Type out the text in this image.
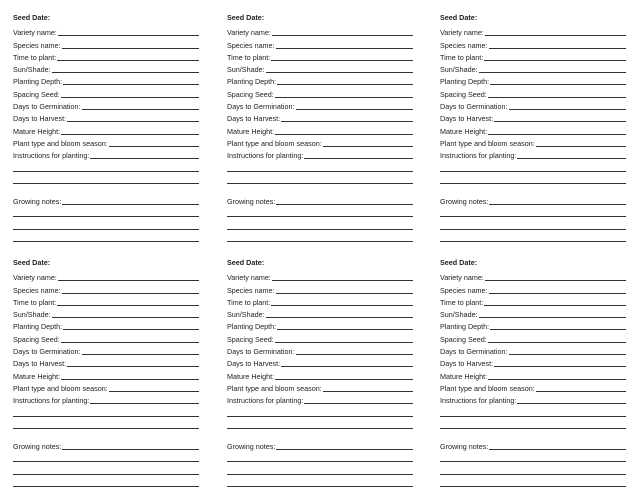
Seed Date:
Variety name:
Species name:
Time to plant:
Sun/Shade:
Planting Depth:
Spacing Seed:
Days to Germination:
Days to Harvest:
Mature Height:
Plant type and bloom season:
Instructions for planting:
Growing notes:
Seed Date:
Variety name:
Species name:
Time to plant:
Sun/Shade:
Planting Depth:
Spacing Seed:
Days to Germination:
Days to Harvest:
Mature Height:
Plant type and bloom season:
Instructions for planting:
Growing notes:
Seed Date:
Variety name:
Species name:
Time to plant:
Sun/Shade:
Planting Depth:
Spacing Seed:
Days to Germination:
Days to Harvest:
Mature Height:
Plant type and bloom season:
Instructions for planting:
Growing notes:
Seed Date:
Variety name:
Species name:
Time to plant:
Sun/Shade:
Planting Depth:
Spacing Seed:
Days to Germination:
Days to Harvest:
Mature Height:
Plant type and bloom season:
Instructions for planting:
Growing notes:
Seed Date:
Variety name:
Species name:
Time to plant:
Sun/Shade:
Planting Depth:
Spacing Seed:
Days to Germination:
Days to Harvest:
Mature Height:
Plant type and bloom season:
Instructions for planting:
Growing notes:
Seed Date:
Variety name:
Species name:
Time to plant:
Sun/Shade:
Planting Depth:
Spacing Seed:
Days to Germination:
Days to Harvest:
Mature Height:
Plant type and bloom season:
Instructions for planting:
Growing notes:
